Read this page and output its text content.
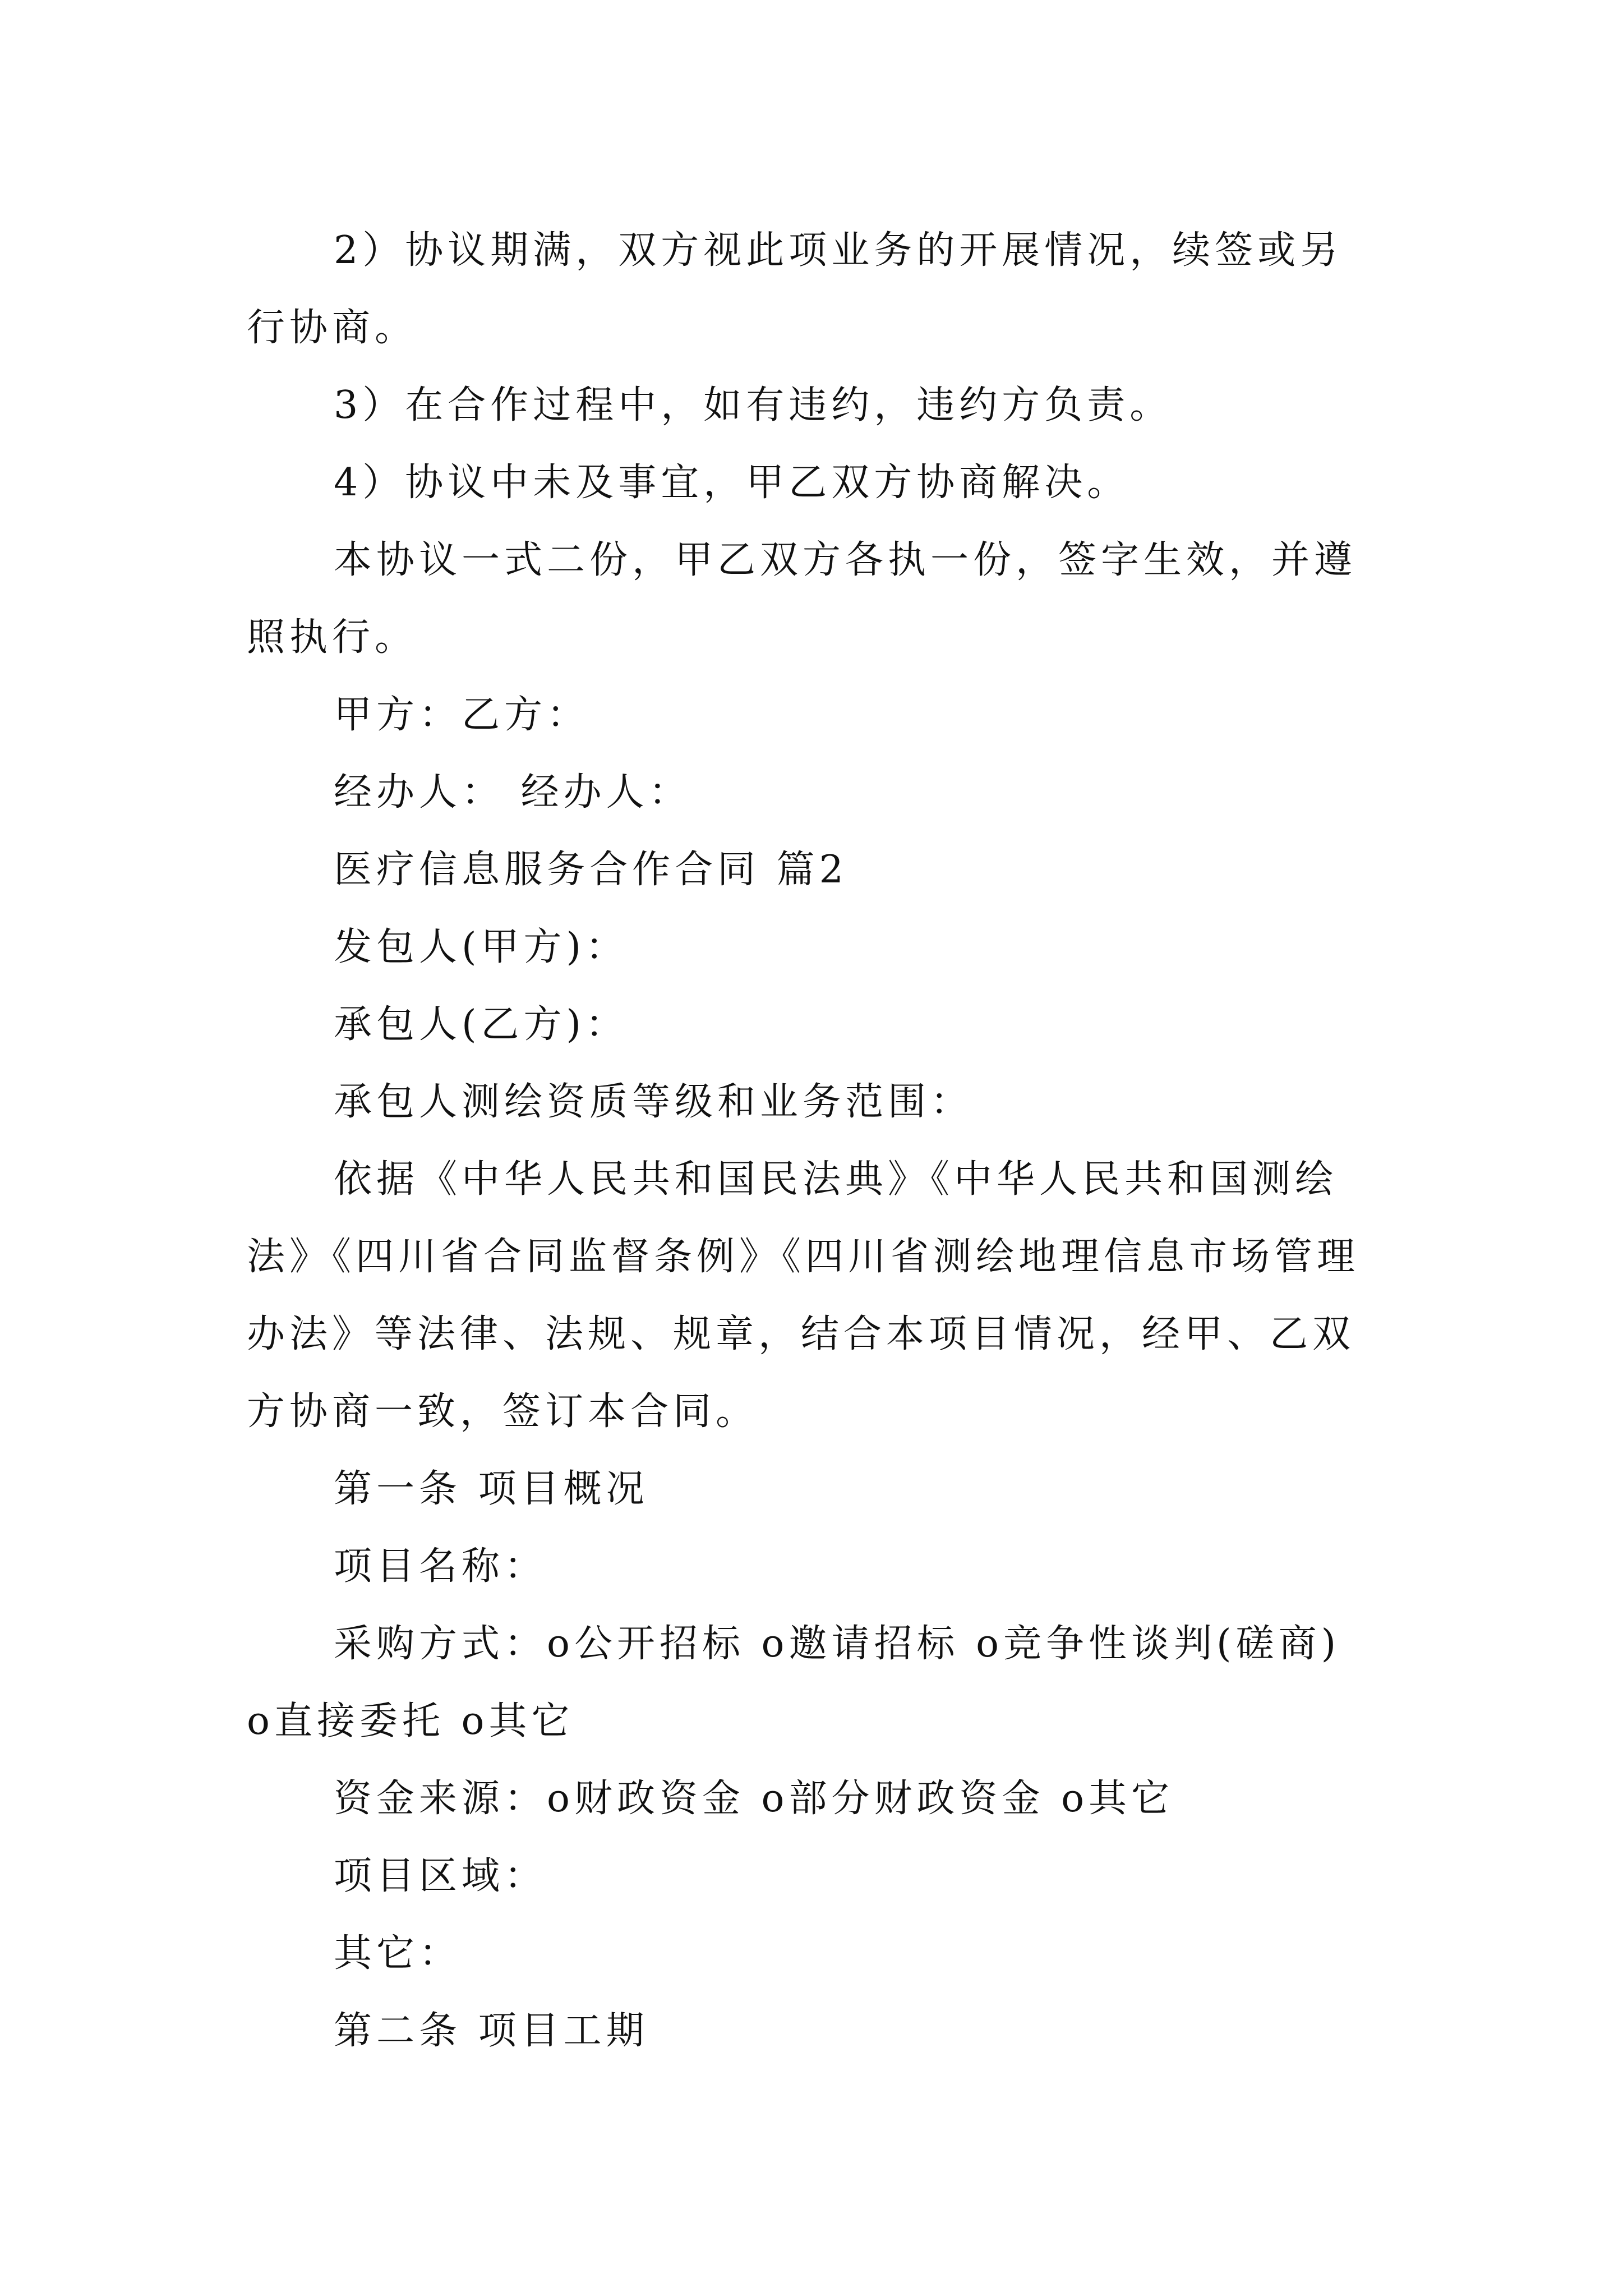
2）协议期满，双方视此项业务的开展情况，续签或另行协商。

3）在合作过程中，如有违约，违约方负责。

4）协议中未及事宜，甲乙双方协商解决。

本协议一式二份，甲乙双方各执一份，签字生效，并遵照执行。

甲方：乙方：

经办人： 经办人：

医疗信息服务合作合同 篇2

发包人(甲方)：

承包人(乙方)：

承包人测绘资质等级和业务范围：

依据《中华人民共和国民法典》《中华人民共和国测绘法》《四川省合同监督条例》《四川省测绘地理信息市场管理办法》等法律、法规、规章，结合本项目情况，经甲、乙双方协商一致，签订本合同。

第一条 项目概况

项目名称：

采购方式：o公开招标 o邀请招标 o竞争性谈判(磋商) o直接委托 o其它

资金来源：o财政资金 o部分财政资金 o其它

项目区域：

其它：

第二条 项目工期
